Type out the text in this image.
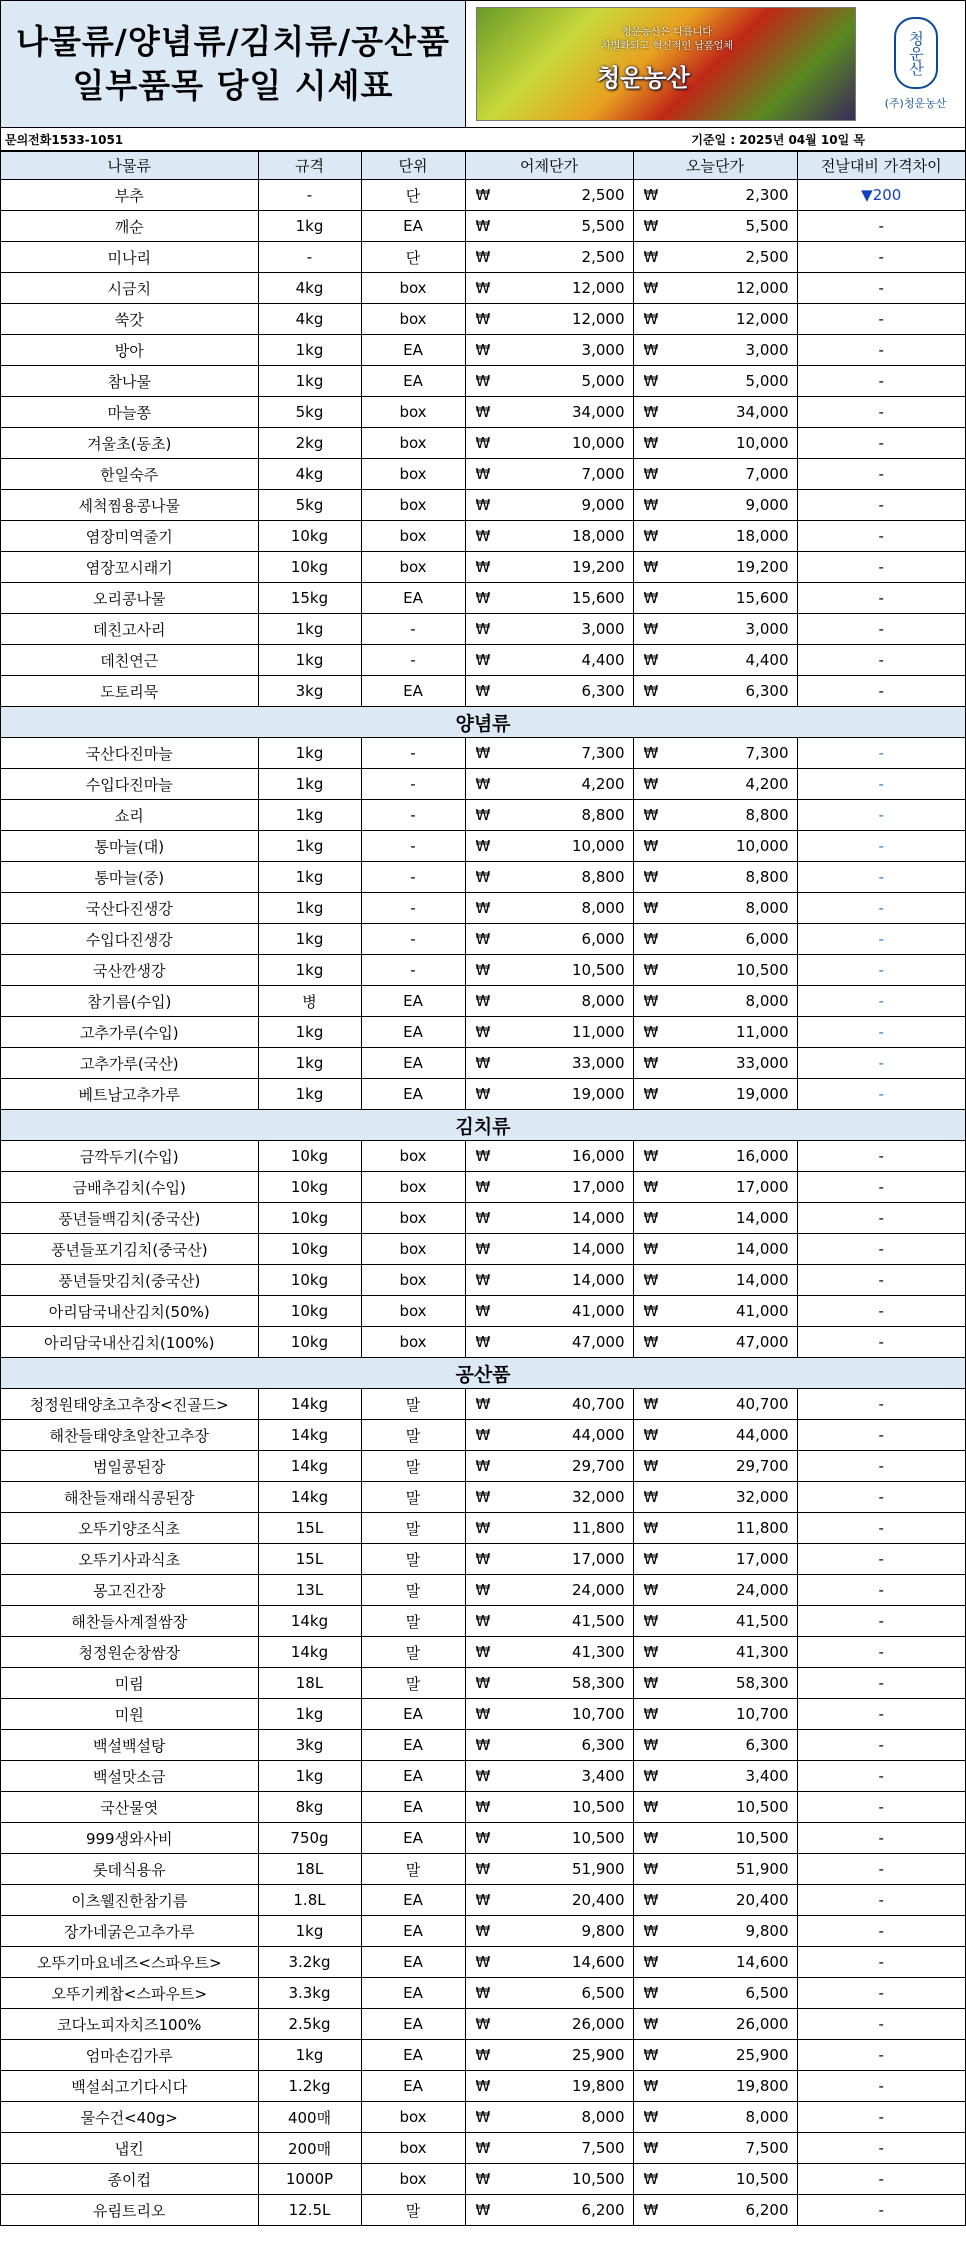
나물류/양념류/김치류/공산품
일부품목 당일 시세표
청운농산은 다릅니다
차별화되고 혁신적인 납품업체
청운농산
청운산
(주)청운농산
문의전화1533-1051	기준일 : 2025년 04월 10일 목
나물류	규격	단위	어제단가	오늘단가	전날대비 가격차이
부추	-	단	₩ 2,500	₩ 2,300	▼200
깨순	1kg	EA	₩ 5,500	₩ 5,500	-
미나리	-	단	₩ 2,500	₩ 2,500	-
시금치	4kg	box	₩ 12,000	₩ 12,000	-
쑥갓	4kg	box	₩ 12,000	₩ 12,000	-
방아	1kg	EA	₩ 3,000	₩ 3,000	-
참나물	1kg	EA	₩ 5,000	₩ 5,000	-
마늘쫑	5kg	box	₩ 34,000	₩ 34,000	-
겨울초(동초)	2kg	box	₩ 10,000	₩ 10,000	-
한일숙주	4kg	box	₩ 7,000	₩ 7,000	-
세척찜용콩나물	5kg	box	₩ 9,000	₩ 9,000	-
염장미역줄기	10kg	box	₩ 18,000	₩ 18,000	-
염장꼬시래기	10kg	box	₩ 19,200	₩ 19,200	-
오리콩나물	15kg	EA	₩ 15,600	₩ 15,600	-
데친고사리	1kg	-	₩ 3,000	₩ 3,000	-
데친연근	1kg	-	₩ 4,400	₩ 4,400	-
도토리묵	3kg	EA	₩ 6,300	₩ 6,300	-
양념류					
국산다진마늘	1kg	-	₩ 7,300	₩ 7,300	-
수입다진마늘	1kg	-	₩ 4,200	₩ 4,200	-
쇼리	1kg	-	₩ 8,800	₩ 8,800	-
통마늘(대)	1kg	-	₩ 10,000	₩ 10,000	-
통마늘(중)	1kg	-	₩ 8,800	₩ 8,800	-
국산다진생강	1kg	-	₩ 8,000	₩ 8,000	-
수입다진생강	1kg	-	₩ 6,000	₩ 6,000	-
국산깐생강	1kg	-	₩ 10,500	₩ 10,500	-
참기름(수입)	병	EA	₩ 8,000	₩ 8,000	-
고추가루(수입)	1kg	EA	₩ 11,000	₩ 11,000	-
고추가루(국산)	1kg	EA	₩ 33,000	₩ 33,000	-
베트남고추가루	1kg	EA	₩ 19,000	₩ 19,000	-
김치류					
금깍두기(수입)	10kg	box	₩ 16,000	₩ 16,000	-
금배추김치(수입)	10kg	box	₩ 17,000	₩ 17,000	-
풍년들백김치(중국산)	10kg	box	₩ 14,000	₩ 14,000	-
풍년들포기김치(중국산)	10kg	box	₩ 14,000	₩ 14,000	-
풍년들맛김치(중국산)	10kg	box	₩ 14,000	₩ 14,000	-
아리담국내산김치(50%)	10kg	box	₩ 41,000	₩ 41,000	-
아리담국내산김치(100%)	10kg	box	₩ 47,000	₩ 47,000	-
공산품					
청정원태양초고추장<진골드>	14kg	말	₩ 40,700	₩ 40,700	-
해찬들태양초알찬고추장	14kg	말	₩ 44,000	₩ 44,000	-
범일콩된장	14kg	말	₩ 29,700	₩ 29,700	-
해찬들재래식콩된장	14kg	말	₩ 32,000	₩ 32,000	-
오뚜기양조식초	15L	말	₩ 11,800	₩ 11,800	-
오뚜기사과식초	15L	말	₩ 17,000	₩ 17,000	-
몽고진간장	13L	말	₩ 24,000	₩ 24,000	-
해찬들사계절쌈장	14kg	말	₩ 41,500	₩ 41,500	-
청정원순창쌈장	14kg	말	₩ 41,300	₩ 41,300	-
미림	18L	말	₩ 58,300	₩ 58,300	-
미원	1kg	EA	₩ 10,700	₩ 10,700	-
백설백설탕	3kg	EA	₩ 6,300	₩ 6,300	-
백설맛소금	1kg	EA	₩ 3,400	₩ 3,400	-
국산물엿	8kg	EA	₩ 10,500	₩ 10,500	-
999생와사비	750g	EA	₩ 10,500	₩ 10,500	-
롯데식용유	18L	말	₩ 51,900	₩ 51,900	-
이츠웰진한참기름	1.8L	EA	₩ 20,400	₩ 20,400	-
장가네굵은고추가루	1kg	EA	₩ 9,800	₩ 9,800	-
오뚜기마요네즈<스파우트>	3.2kg	EA	₩ 14,600	₩ 14,600	-
오뚜기케찹<스파우트>	3.3kg	EA	₩ 6,500	₩ 6,500	-
코다노피자치즈100%	2.5kg	EA	₩ 26,000	₩ 26,000	-
엄마손김가루	1kg	EA	₩ 25,900	₩ 25,900	-
백설쇠고기다시다	1.2kg	EA	₩ 19,800	₩ 19,800	-
물수건<40g>	400매	box	₩ 8,000	₩ 8,000	-
냅킨	200매	box	₩ 7,500	₩ 7,500	-
종이컵	1000P	box	₩ 10,500	₩ 10,500	-
유림트리오	12.5L	말	₩ 6,200	₩ 6,200	-
